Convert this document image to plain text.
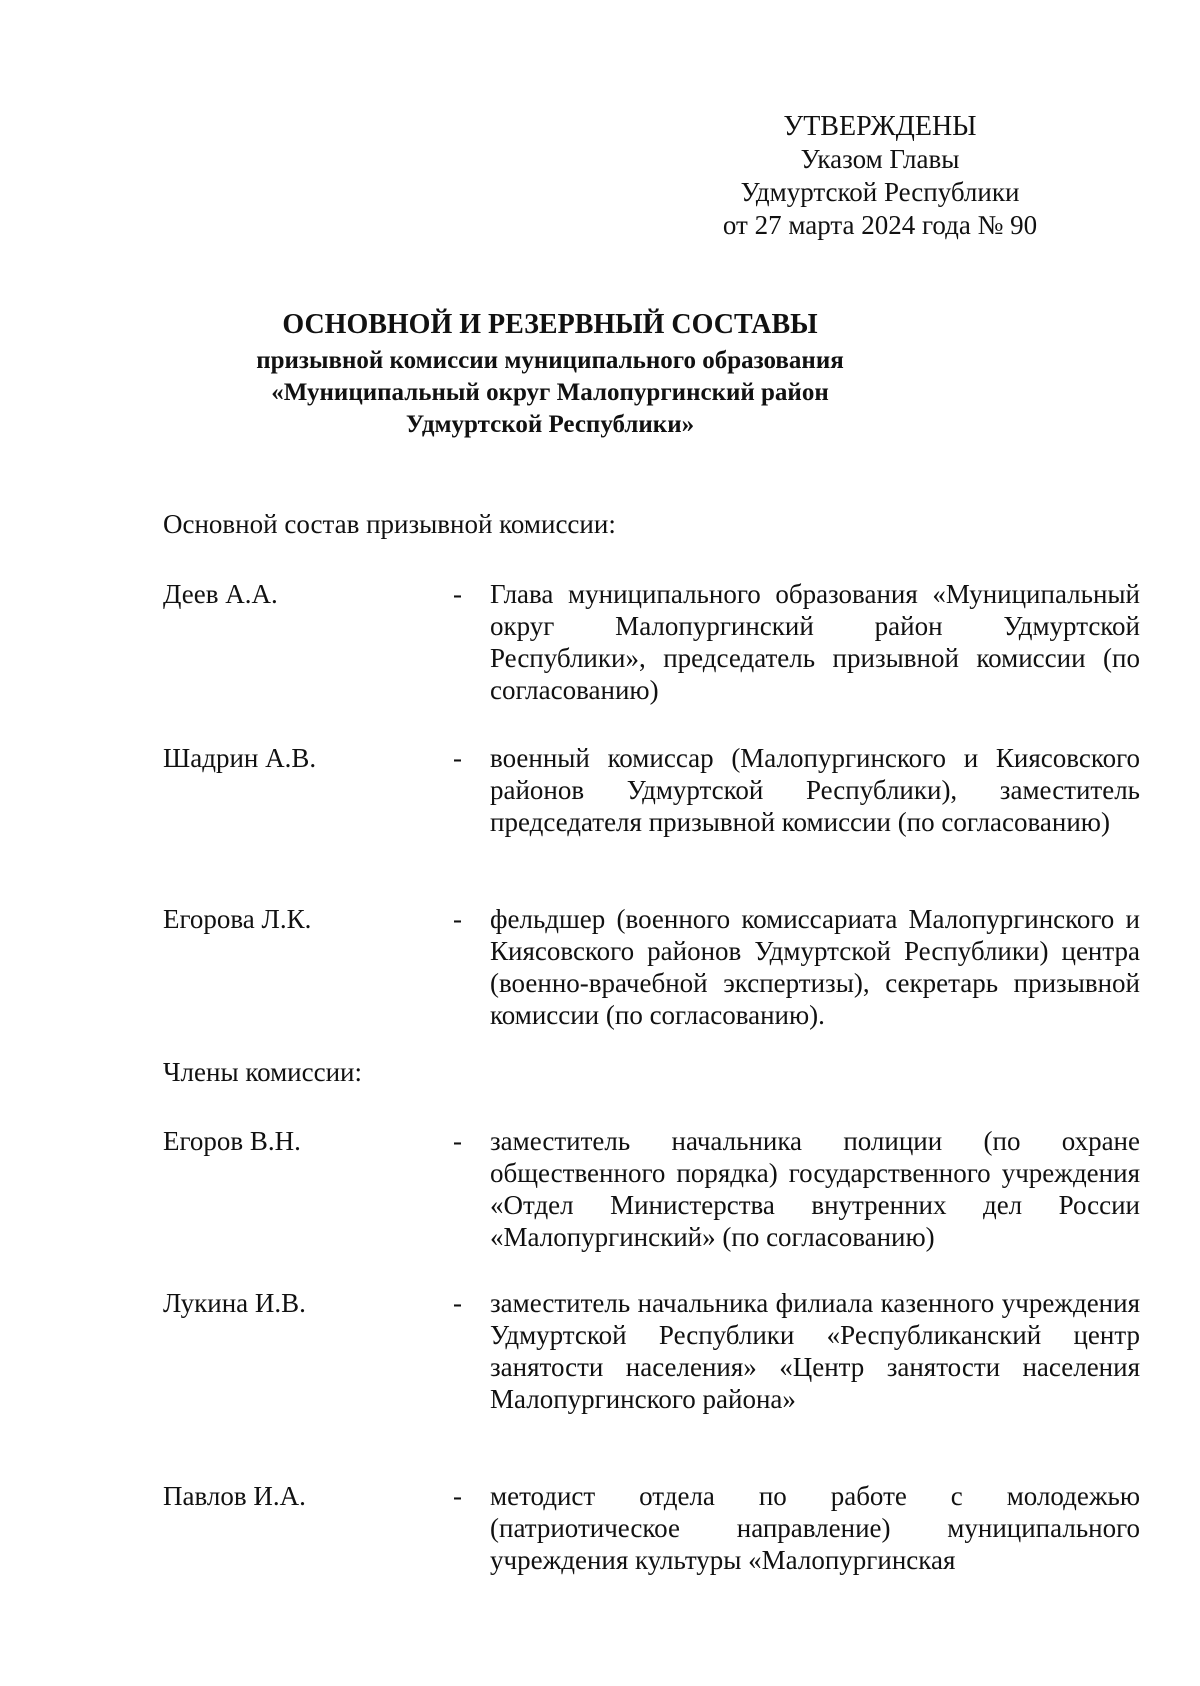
УТВЕРЖДЕНЫ
Указом Главы
Удмуртской Республики
от 27 марта 2024 года № 90
ОСНОВНОЙ И РЕЗЕРВНЫЙ СОСТАВЫ
призывной комиссии муниципального образования
«Муниципальный округ Малопургинский район
Удмуртской Республики»
Основной состав призывной комиссии:
Деев А.А.	- Глава муниципального образования «Муниципальный округ Малопургинский район Удмуртской Республики», председатель призывной комиссии (по согласованию)
Шадрин А.В.	- военный комиссар (Малопургинского и Киясовского районов Удмуртской Республики), заместитель председателя призывной комиссии (по согласованию)
Егорова Л.К.	- фельдшер (военного комиссариата Малопургинского и Киясовского районов Удмуртской Республики) центра (военно-врачебной экспертизы), секретарь призывной комиссии (по согласованию).
Члены комиссии:
Егоров В.Н.	- заместитель начальника полиции (по охране общественного порядка) государственного учреждения «Отдел Министерства внутренних дел России «Малопургинский» (по согласованию)
Лукина И.В.	- заместитель начальника филиала казенного учреждения Удмуртской Республики «Республиканский центр занятости населения» «Центр занятости населения Малопургинского района»
Павлов И.А.	- методист отдела по работе с молодежью (патриотическое направление) муниципального учреждения культуры «Малопургинская
